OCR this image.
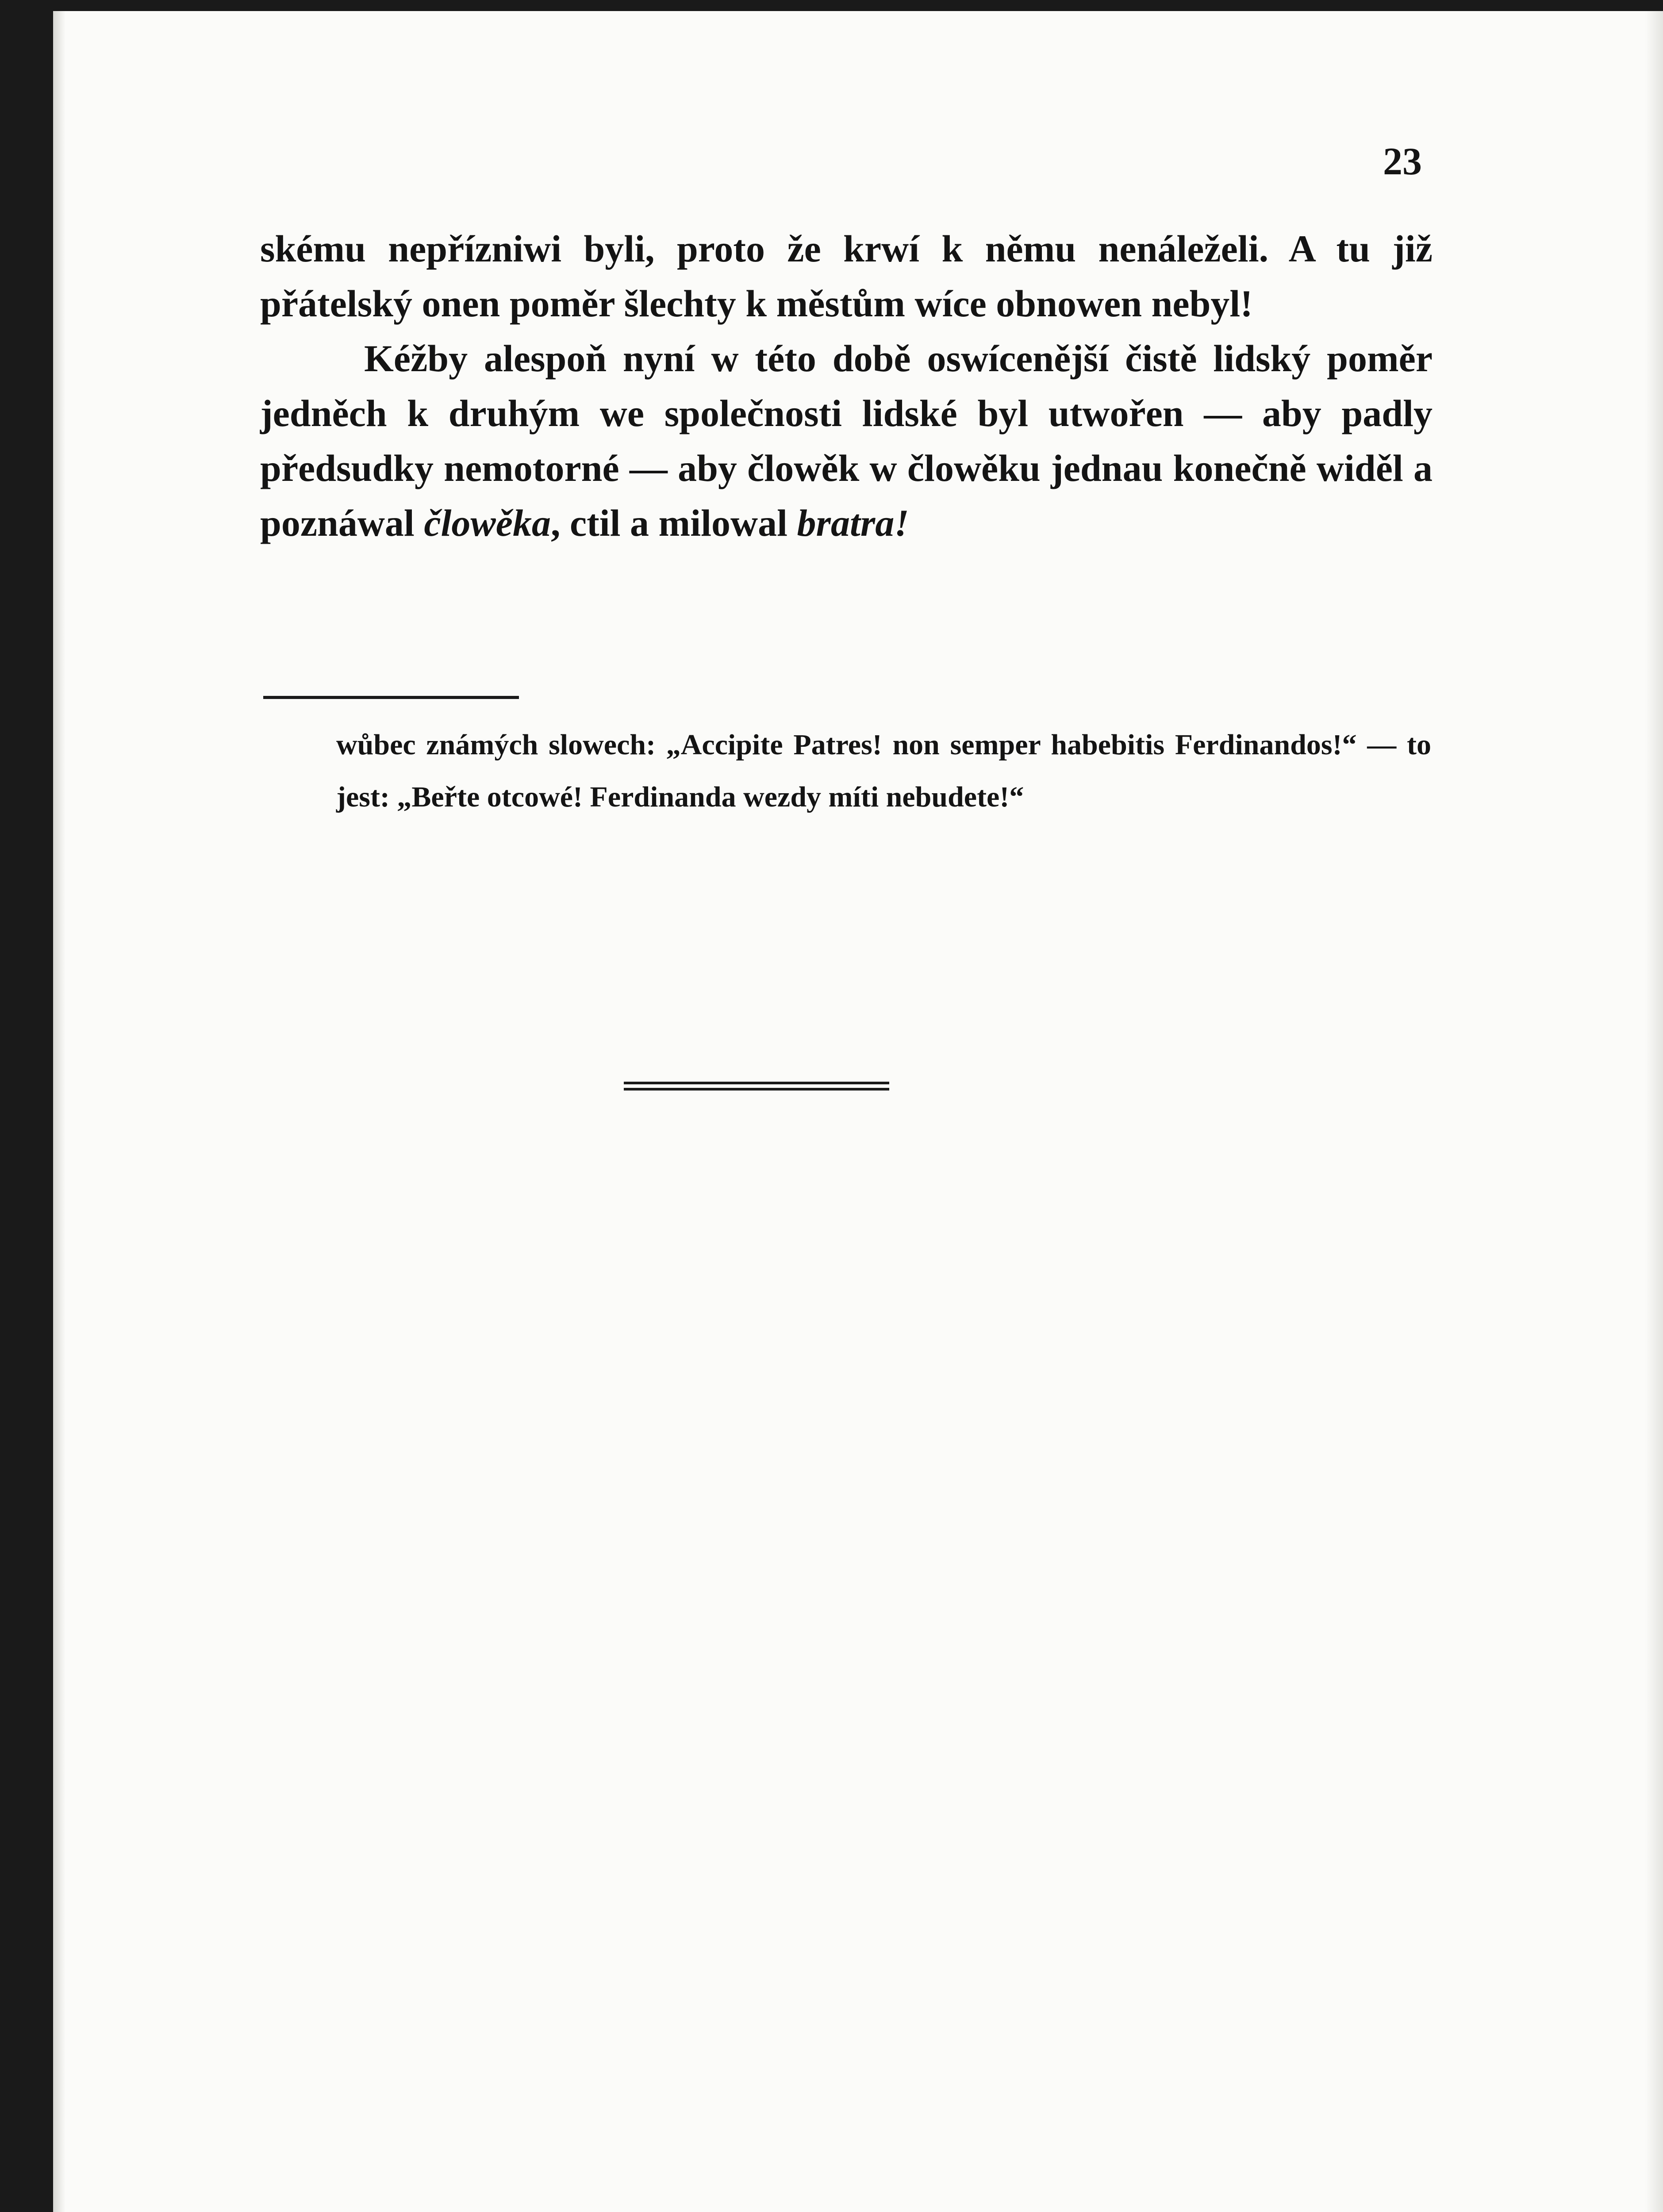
23

skému nepřízniwi byli, proto že krwí k němu nenáleželi. A tu již přátelský onen poměr šlechty k městům wíce obnowen nebyl!

Kéžby alespoň nyní w této době oswícenější čistě lidský poměr jedněch k druhým we společnosti lidské byl utwořen — aby padly předsudky nemotorné — aby člowěk w člowěku jednau konečně widěl a poznáwal člowěka, ctil a milowal bratra!

wůbec známých slowech: „Accipite Patres! non semper habebitis Ferdinandos!“ — to jest: „Beřte otcowé! Ferdinanda wezdy míti nebudete!“
